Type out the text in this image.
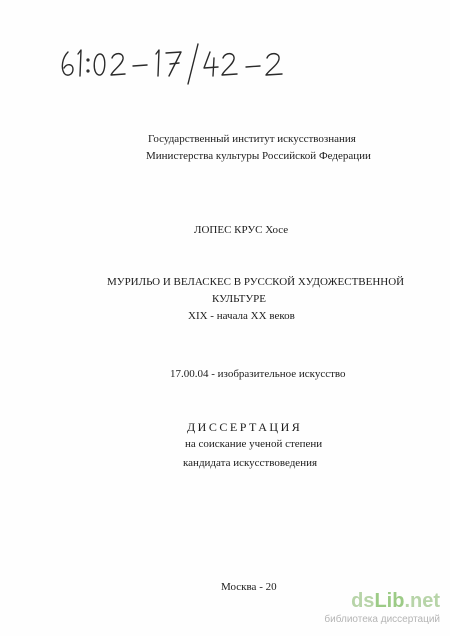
Государственный институт искусствознания
Министерства культуры Российской Федерации
ЛОПЕС КРУС Хосе
МУРИЛЬО И ВЕЛАСКЕС В РУССКОЙ ХУДОЖЕСТВЕННОЙ
КУЛЬТУРЕ
XIX - начала XX веков
17.00.04 - изобразительное искусство
ДИССЕРТАЦИЯ
на соискание ученой степени
кандидата искусствоведения
Москва - 20
dsLib.net
библиотека диссертаций
